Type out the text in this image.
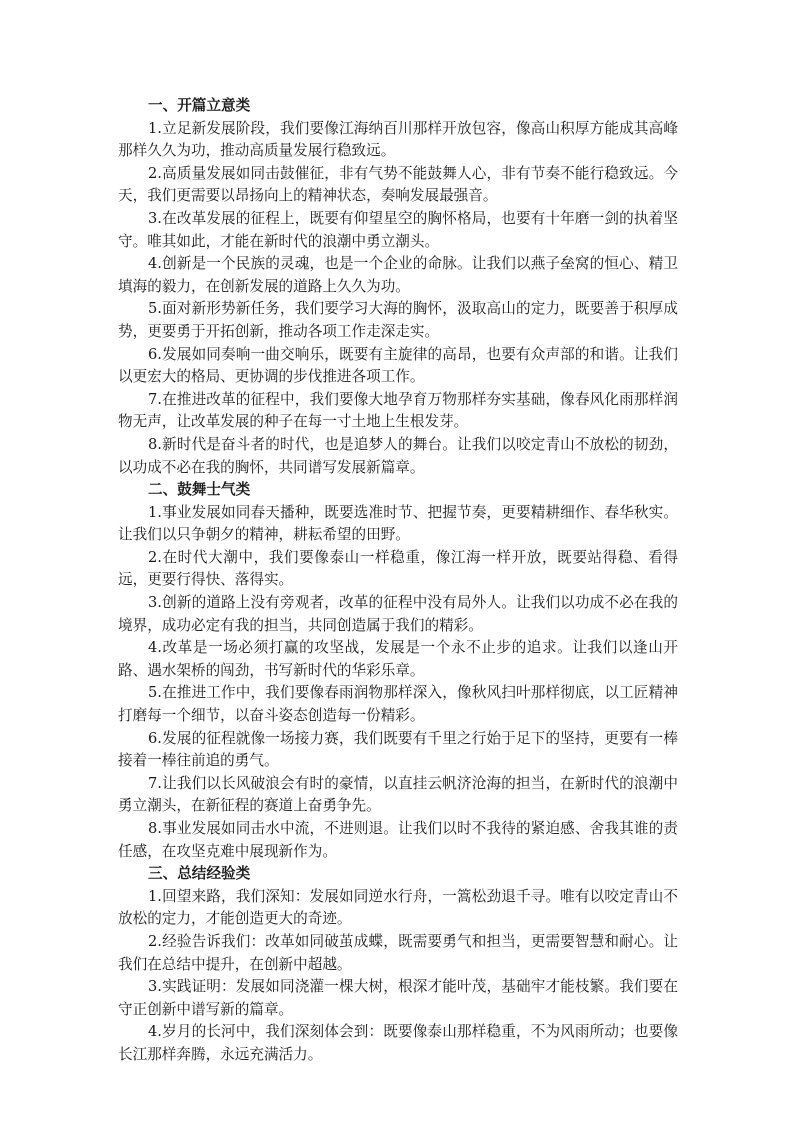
一、开篇立意类

1.立足新发展阶段，我们要像江海纳百川那样开放包容，像高山积厚方能成其高峰那样久久为功，推动高质量发展行稳致远。

2.高质量发展如同击鼓催征，非有气势不能鼓舞人心，非有节奏不能行稳致远。今天，我们更需要以昂扬向上的精神状态，奏响发展最强音。

3.在改革发展的征程上，既要有仰望星空的胸怀格局，也要有十年磨一剑的执着坚守。唯其如此，才能在新时代的浪潮中勇立潮头。

4.创新是一个民族的灵魂，也是一个企业的命脉。让我们以燕子垒窝的恒心、精卫填海的毅力，在创新发展的道路上久久为功。

5.面对新形势新任务，我们要学习大海的胸怀，汲取高山的定力，既要善于积厚成势，更要勇于开拓创新，推动各项工作走深走实。

6.发展如同奏响一曲交响乐，既要有主旋律的高昂，也要有众声部的和谐。让我们以更宏大的格局、更协调的步伐推进各项工作。

7.在推进改革的征程中，我们要像大地孕育万物那样夯实基础，像春风化雨那样润物无声，让改革发展的种子在每一寸土地上生根发芽。

8.新时代是奋斗者的时代，也是追梦人的舞台。让我们以咬定青山不放松的韧劲，以功成不必在我的胸怀，共同谱写发展新篇章。

二、鼓舞士气类

1.事业发展如同春天播种，既要选准时节、把握节奏，更要精耕细作、春华秋实。让我们以只争朝夕的精神，耕耘希望的田野。

2.在时代大潮中，我们要像泰山一样稳重，像江海一样开放，既要站得稳、看得远，更要行得快、落得实。

3.创新的道路上没有旁观者，改革的征程中没有局外人。让我们以功成不必在我的境界，成功必定有我的担当，共同创造属于我们的精彩。

4.改革是一场必须打赢的攻坚战，发展是一个永不止步的追求。让我们以逢山开路、遇水架桥的闯劲，书写新时代的华彩乐章。

5.在推进工作中，我们要像春雨润物那样深入，像秋风扫叶那样彻底，以工匠精神打磨每一个细节，以奋斗姿态创造每一份精彩。

6.发展的征程就像一场接力赛，我们既要有千里之行始于足下的坚持，更要有一棒接着一棒往前追的勇气。

7.让我们以长风破浪会有时的豪情，以直挂云帆济沧海的担当，在新时代的浪潮中勇立潮头，在新征程的赛道上奋勇争先。

8.事业发展如同击水中流，不进则退。让我们以时不我待的紧迫感、舍我其谁的责任感，在攻坚克难中展现新作为。

三、总结经验类

1.回望来路，我们深知：发展如同逆水行舟，一篙松劲退千寻。唯有以咬定青山不放松的定力，才能创造更大的奇迹。

2.经验告诉我们：改革如同破茧成蝶，既需要勇气和担当，更需要智慧和耐心。让我们在总结中提升，在创新中超越。

3.实践证明：发展如同浇灌一棵大树，根深才能叶茂，基础牢才能枝繁。我们要在守正创新中谱写新的篇章。

4.岁月的长河中，我们深刻体会到：既要像泰山那样稳重，不为风雨所动；也要像长江那样奔腾，永远充满活力。
